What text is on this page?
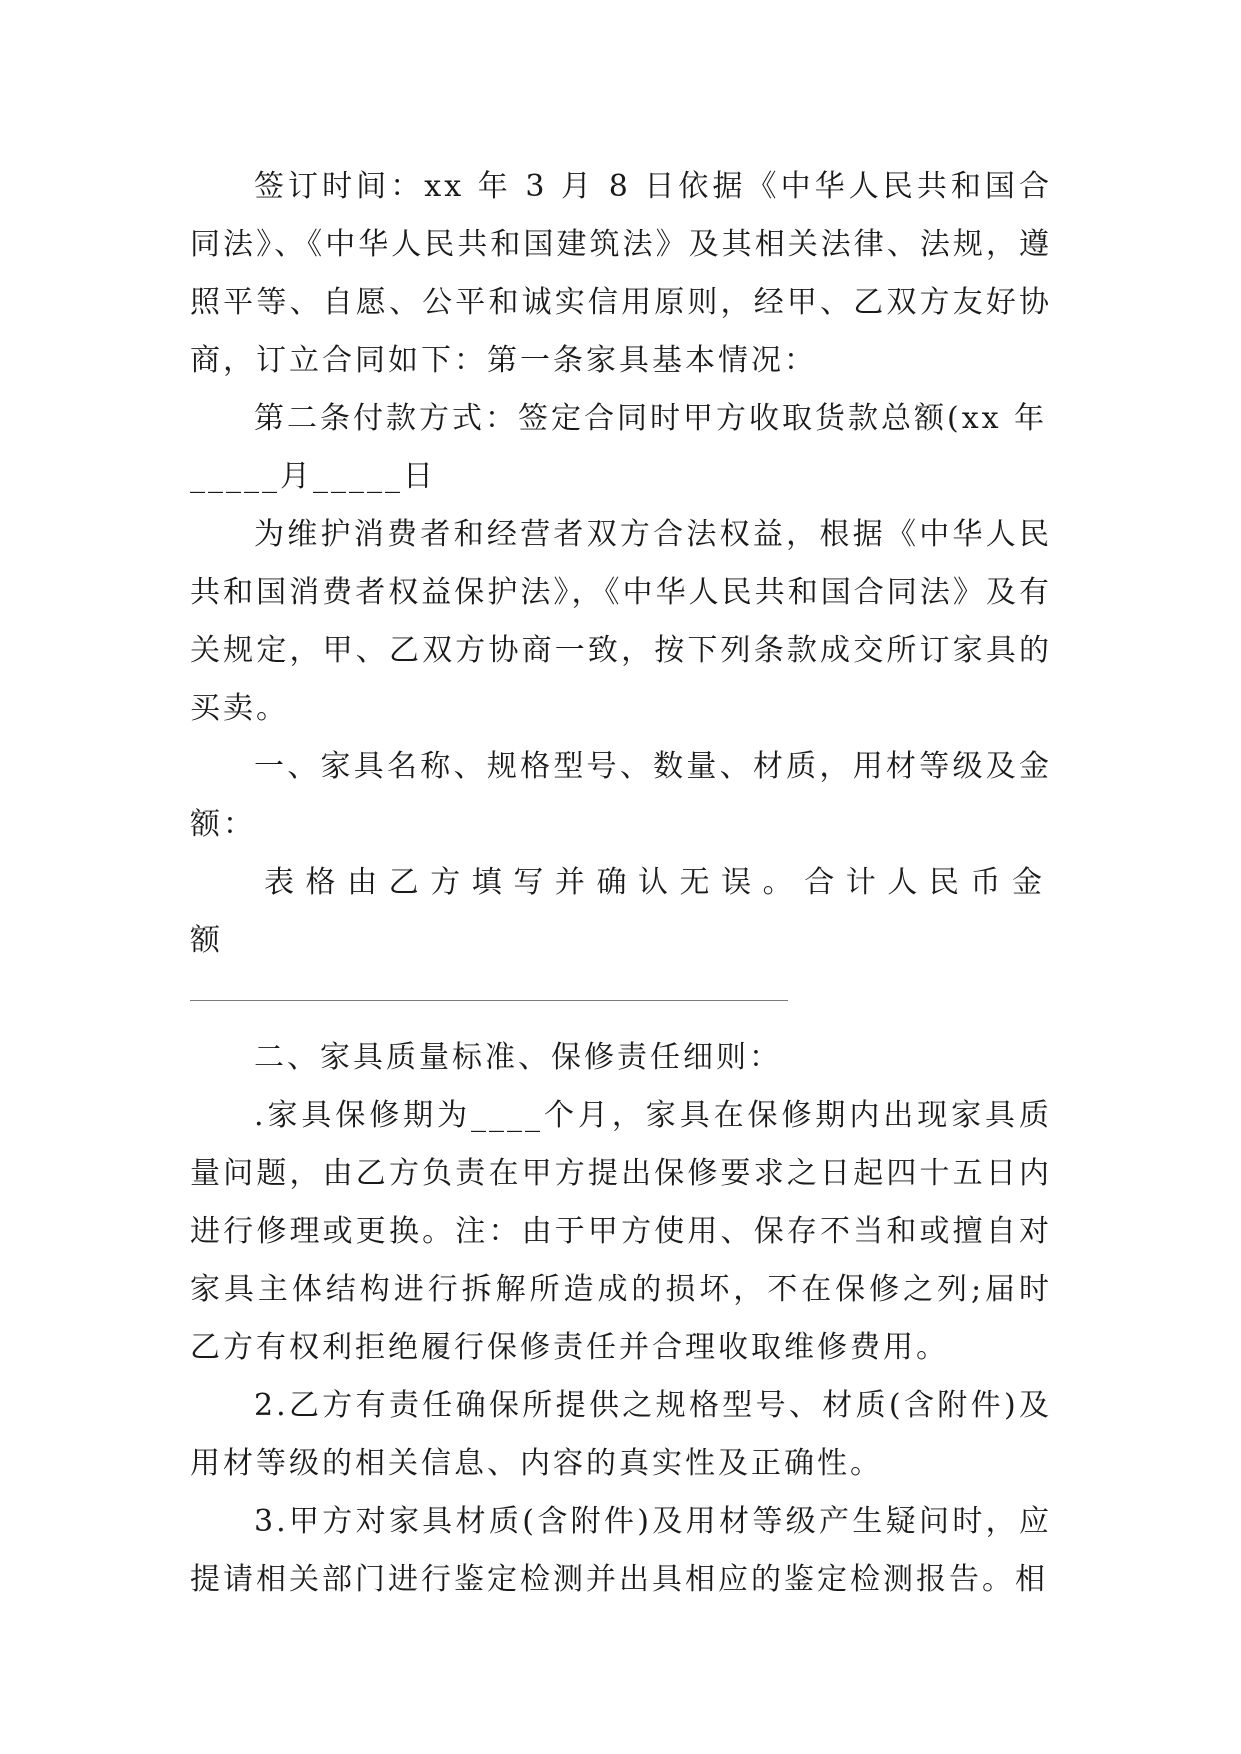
签订时间：xx 年 3 月 8 日依据《中华人民共和国合同法》、《中华人民共和国建筑法》及其相关法律、法规，遵照平等、自愿、公平和诚实信用原则，经甲、乙双方友好协商，订立合同如下：第一条家具基本情况：

第二条付款方式：签定合同时甲方收取货款总额(xx 年

_____月_____日

为维护消费者和经营者双方合法权益，根据《中华人民共和国消费者权益保护法》，《中华人民共和国合同法》及有关规定，甲、乙双方协商一致，按下列条款成交所订家具的买卖。

一、家具名称、规格型号、数量、材质，用材等级及金额：

表格由乙方填写并确认无误。合计人民币金额

二、家具质量标准、保修责任细则：

.家具保修期为____个月，家具在保修期内出现家具质量问题，由乙方负责在甲方提出保修要求之日起四十五日内进行修理或更换。注：由于甲方使用、保存不当和或擅自对家具主体结构进行拆解所造成的损坏，不在保修之列;届时乙方有权利拒绝履行保修责任并合理收取维修费用。

2.乙方有责任确保所提供之规格型号、材质(含附件)及用材等级的相关信息、内容的真实性及正确性。

3.甲方对家具材质(含附件)及用材等级产生疑问时，应提请相关部门进行鉴定检测并出具相应的鉴定检测报告。相
